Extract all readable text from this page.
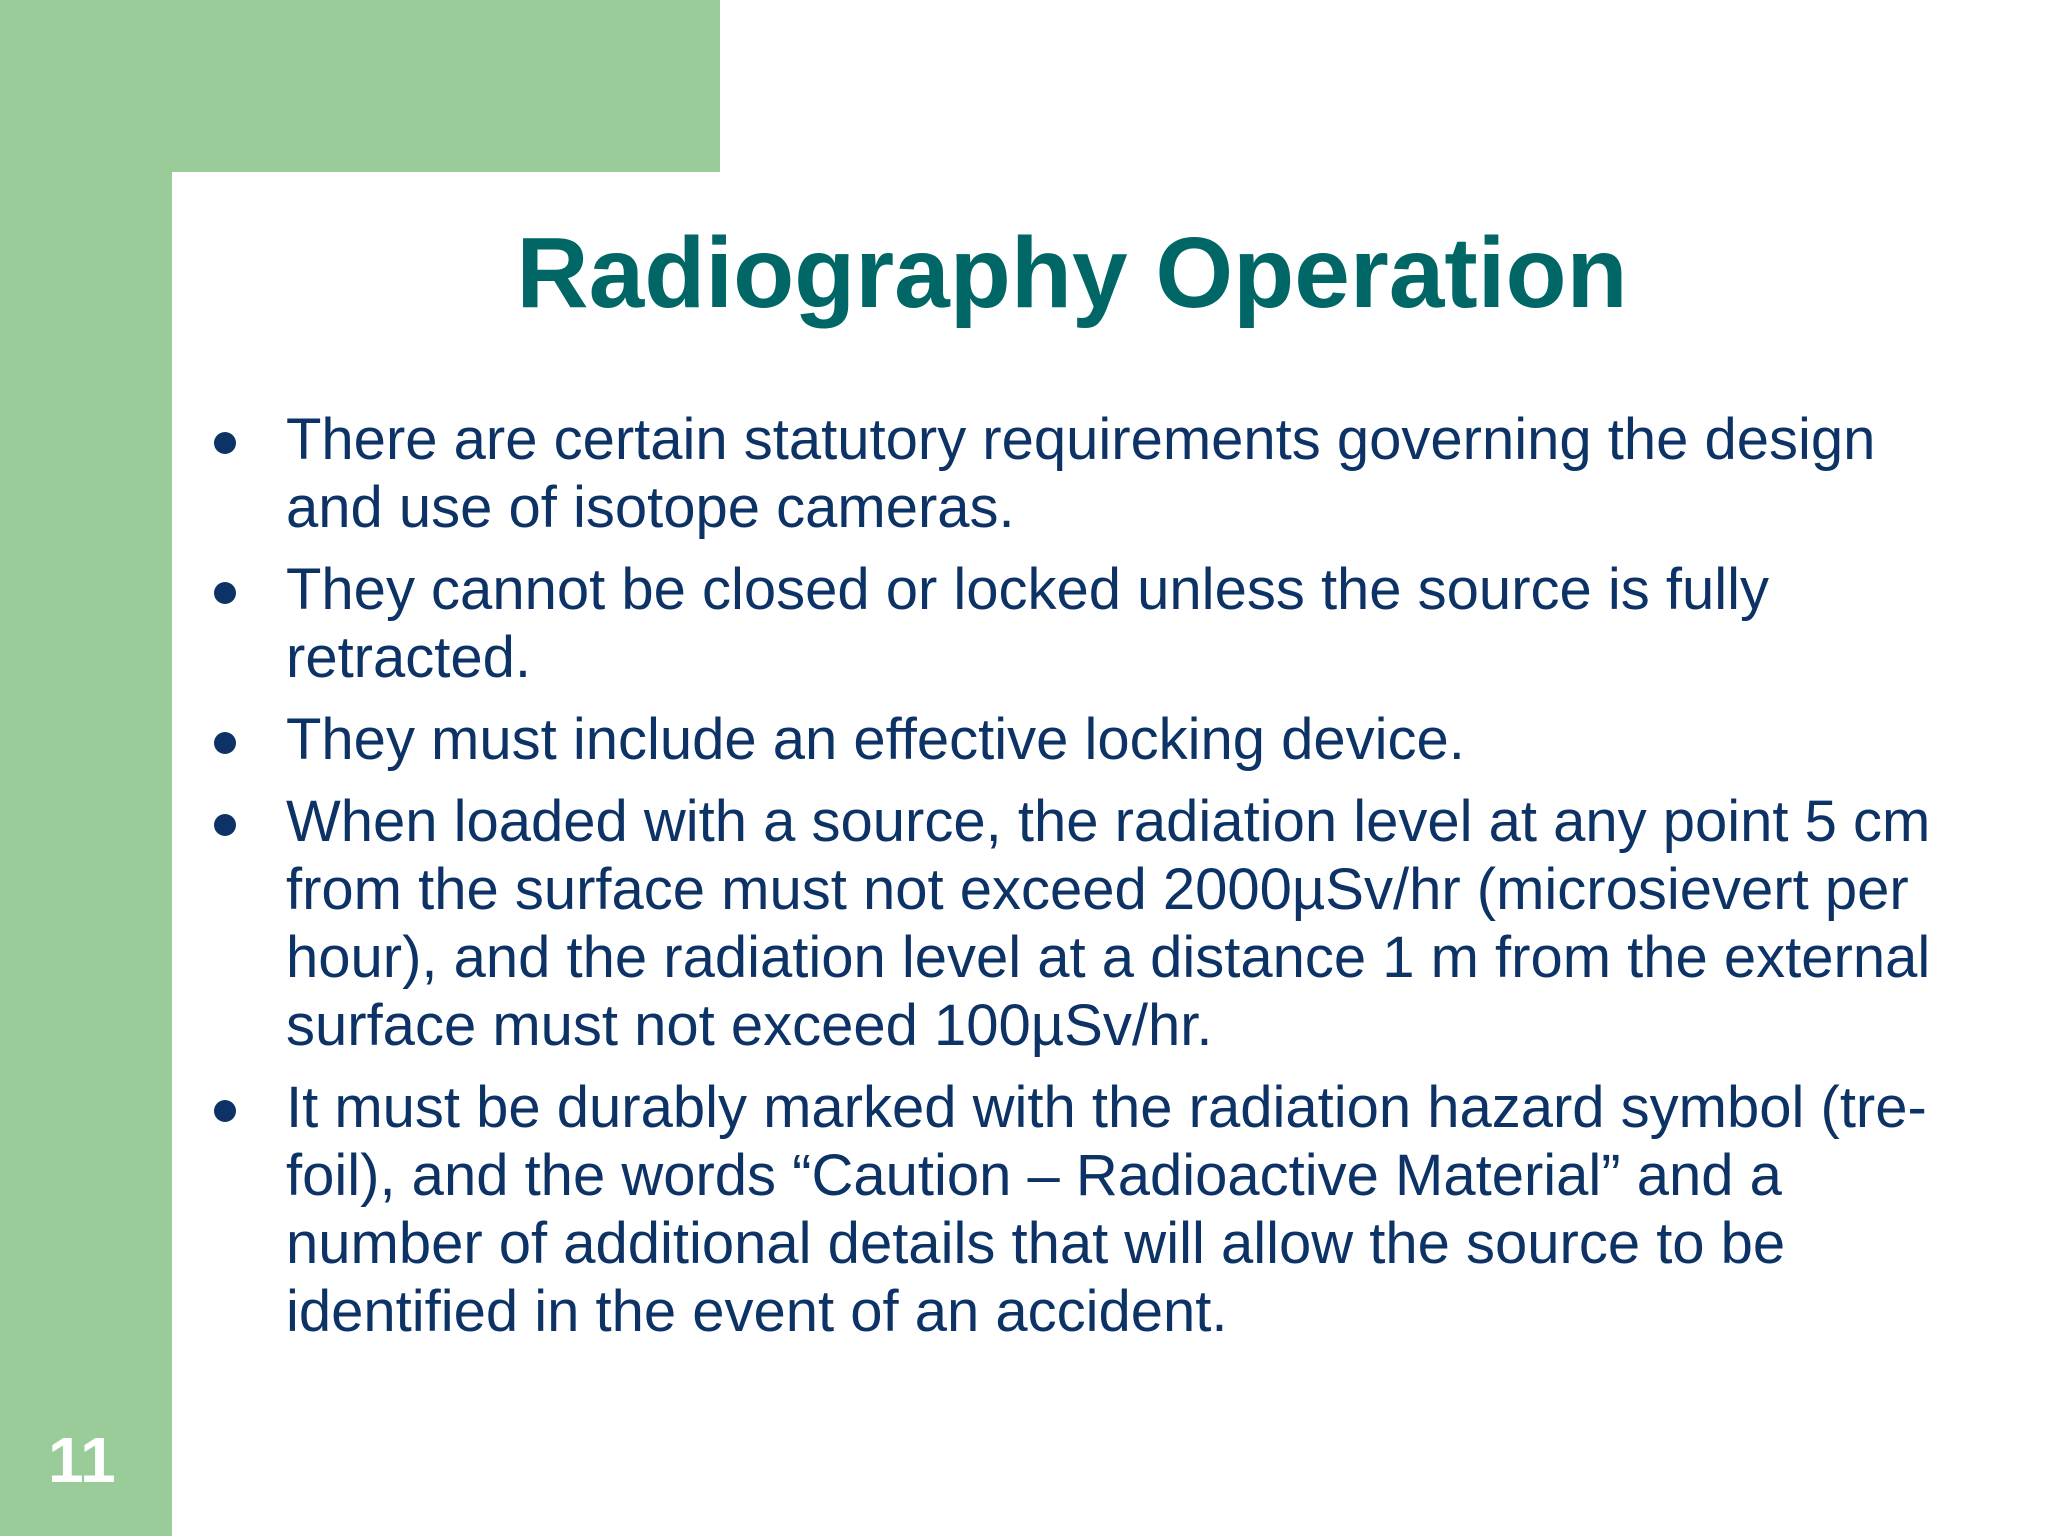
11
Radiography Operation
There are certain statutory requirements governing the design and use of isotope cameras.
They cannot be closed or locked unless the source is fully retracted.
They must include an effective locking device.
When loaded with a source, the radiation level at any point 5 cm from the surface must not exceed 2000µSv/hr (microsievert per hour), and the radiation level at a distance 1 m from the external surface must not exceed 100µSv/hr.
It must be durably marked with the radiation hazard symbol (tre-foil), and the words “Caution – Radioactive Material” and a number of additional details that will allow the source to be identified in the event of an accident.
